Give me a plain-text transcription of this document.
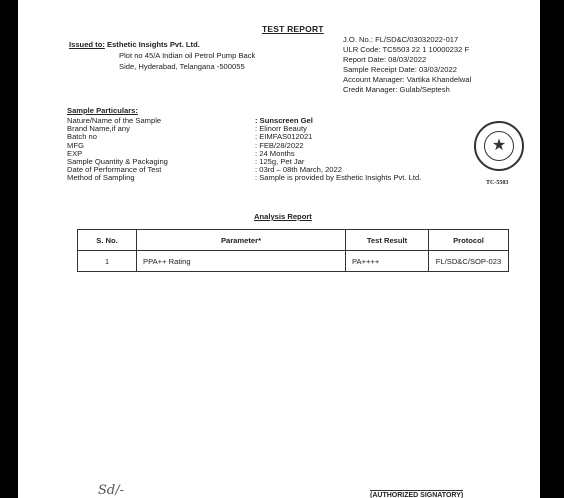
TEST REPORT
Issued to: Esthetic Insights Pvt. Ltd.
Plot no 45/A Indian oil Petrol Pump Back
Side, Hyderabad, Telangana -500055
J.O. No.: FL/SD&C/03032022-017
ULR Code: TC5503 22 1 10000232 F
Report Date: 08/03/2022
Sample Receipt Date: 03/03/2022
Account Manager: Vartika Khandelwal
Credit Manager: Gulab/Septesh
Sample Particulars:
Nature/Name of the Sample	: Sunscreen Gel
Brand Name,if any	: Elinorr Beauty
Batch no	: EIMFAS012021
MFG	: FEB/28/2022
EXP	: 24 Months
Sample Quantity & Packaging	: 125g, Pet Jar
Date of Performance of Test	: 03rd – 08th March, 2022
Method of Sampling	: Sample is provided by Esthetic Insights Pvt. Ltd.
★
TC-5503
Analysis Report
S. No.	Parameter*	Test Result	Protocol
1	PPA++ Rating	PA++++	FL/SD&C/SOP-023
Sd/-	(AUTHORIZED SIGNATORY)
